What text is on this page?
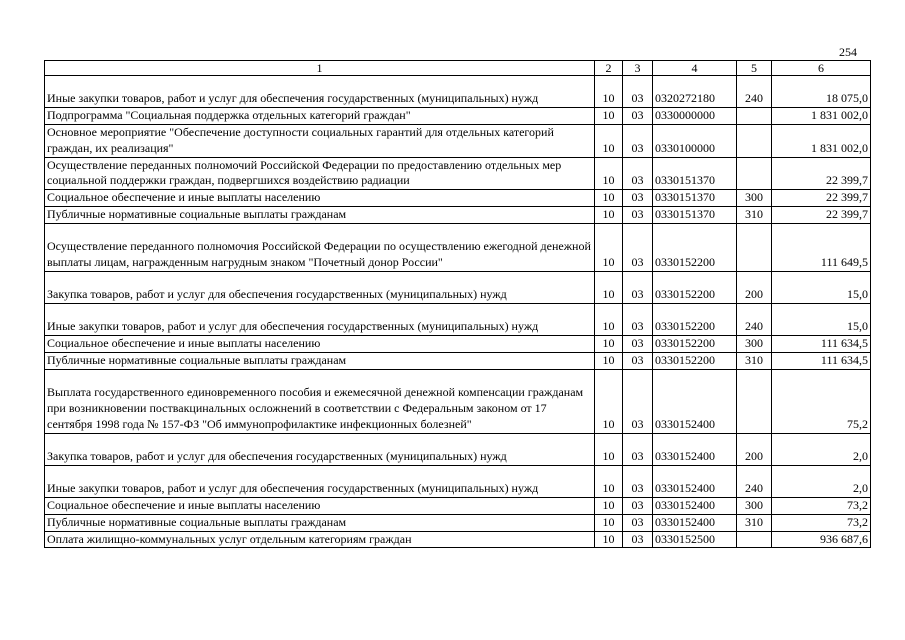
254
1	2	3	4	5	6
Иные закупки товаров, работ и услуг для обеспечения государственных (муниципальных) нужд	10	03	0320272180	240	18 075,0
Подпрограмма "Социальная поддержка отдельных категорий граждан"	10	03	0330000000		1 831 002,0
Основное мероприятие "Обеспечение доступности социальных гарантий для отдельных категорий граждан, их реализация"	10	03	0330100000		1 831 002,0
Осуществление переданных полномочий Российской Федерации по предоставлению отдельных мер социальной поддержки граждан, подвергшихся воздействию радиации	10	03	0330151370		22 399,7
Социальное обеспечение и иные выплаты населению	10	03	0330151370	300	22 399,7
Публичные нормативные социальные выплаты гражданам	10	03	0330151370	310	22 399,7
Осуществление переданного полномочия Российской Федерации по осуществлению ежегодной денежной выплаты лицам, награжденным нагрудным знаком "Почетный донор России"	10	03	0330152200		111 649,5
Закупка товаров, работ и услуг для обеспечения государственных (муниципальных) нужд	10	03	0330152200	200	15,0
Иные закупки товаров, работ и услуг для обеспечения государственных (муниципальных) нужд	10	03	0330152200	240	15,0
Социальное обеспечение и иные выплаты населению	10	03	0330152200	300	111 634,5
Публичные нормативные социальные выплаты гражданам	10	03	0330152200	310	111 634,5
Выплата государственного единовременного пособия и ежемесячной денежной компенсации гражданам при возникновении поствакцинальных осложнений в соответствии с Федеральным законом от 17 сентября 1998 года № 157-ФЗ "Об иммунопрофилактике инфекционных болезней"	10	03	0330152400		75,2
Закупка товаров, работ и услуг для обеспечения государственных (муниципальных) нужд	10	03	0330152400	200	2,0
Иные закупки товаров, работ и услуг для обеспечения государственных (муниципальных) нужд	10	03	0330152400	240	2,0
Социальное обеспечение и иные выплаты населению	10	03	0330152400	300	73,2
Публичные нормативные социальные выплаты гражданам	10	03	0330152400	310	73,2
Оплата жилищно-коммунальных услуг отдельным категориям граждан	10	03	0330152500		936 687,6
